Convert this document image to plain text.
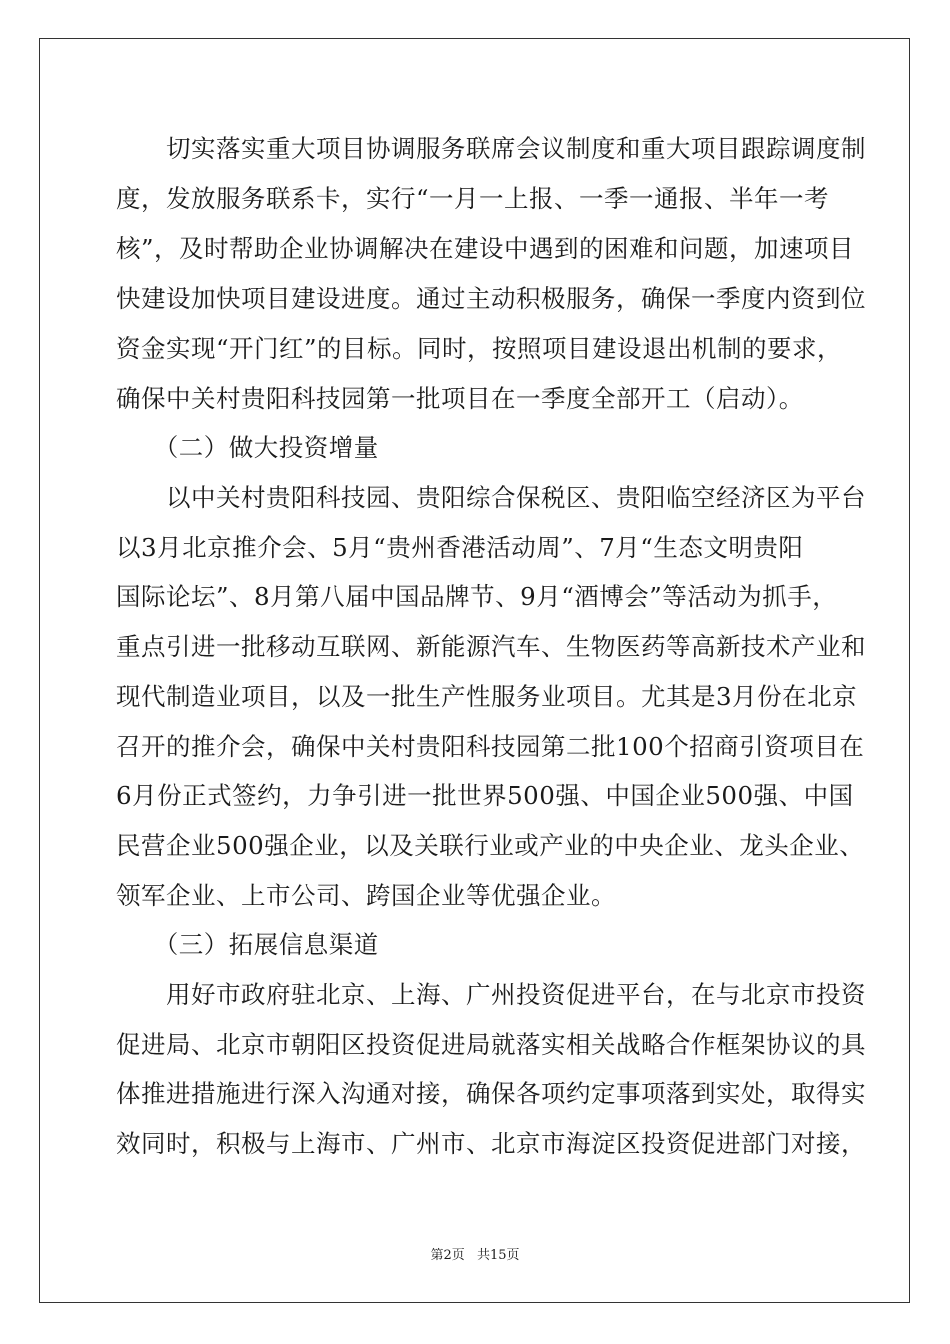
　　切实落实重大项目协调服务联席会议制度和重大项目跟踪调度制
度，发放服务联系卡，实行“一月一上报、一季一通报、半年一考
核”，及时帮助企业协调解决在建设中遇到的困难和问题，加速项目
快建设加快项目建设进度。通过主动积极服务，确保一季度内资到位
资金实现“开门红”的目标。同时，按照项目建设退出机制的要求，
确保中关村贵阳科技园第一批项目在一季度全部开工（启动）。
　　（二）做大投资增量
　　以中关村贵阳科技园、贵阳综合保税区、贵阳临空经济区为平台
以3月北京推介会、5月“贵州香港活动周”、7月“生态文明贵阳
国际论坛”、8月第八届中国品牌节、9月“酒博会”等活动为抓手，
重点引进一批移动互联网、新能源汽车、生物医药等高新技术产业和
现代制造业项目，以及一批生产性服务业项目。尤其是3月份在北京
召开的推介会，确保中关村贵阳科技园第二批100个招商引资项目在
6月份正式签约，力争引进一批世界500强、中国企业500强、中国
民营企业500强企业，以及关联行业或产业的中央企业、龙头企业、
领军企业、上市公司、跨国企业等优强企业。
　　（三）拓展信息渠道
　　用好市政府驻北京、上海、广州投资促进平台，在与北京市投资
促进局、北京市朝阳区投资促进局就落实相关战略合作框架协议的具
体推进措施进行深入沟通对接，确保各项约定事项落到实处，取得实
效同时，积极与上海市、广州市、北京市海淀区投资促进部门对接，
第2页 共15页
